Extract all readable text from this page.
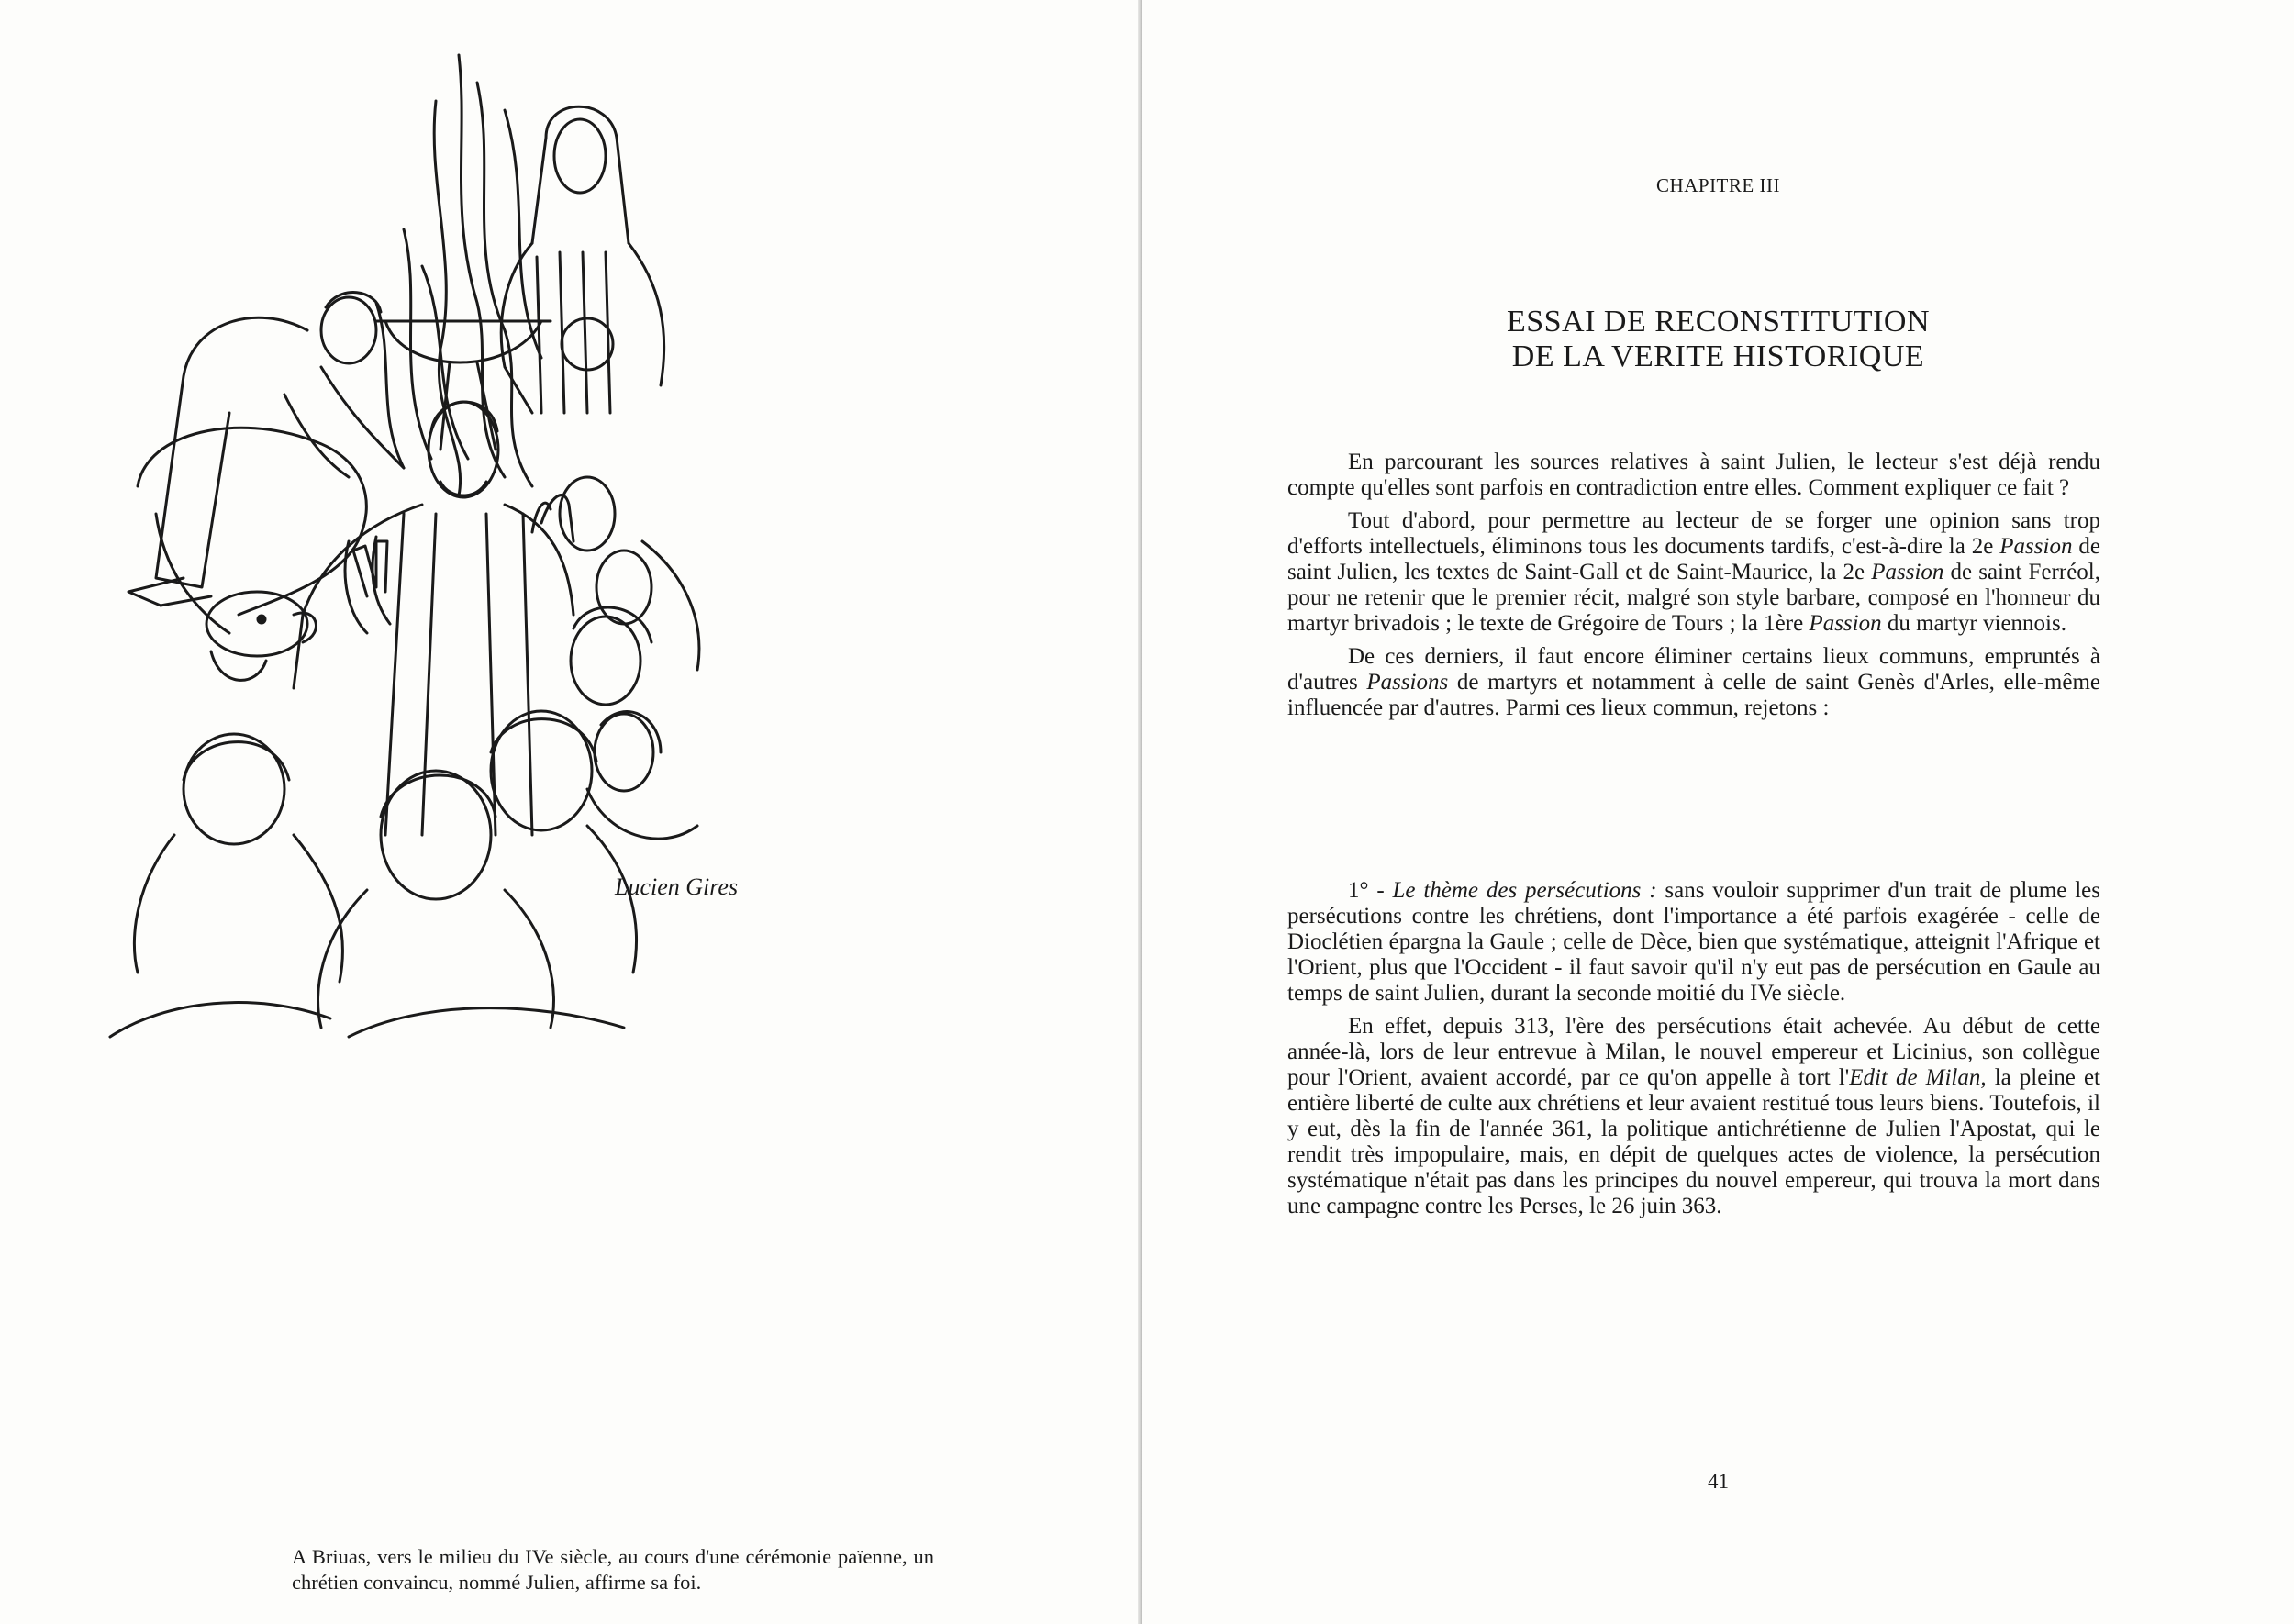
Lucien Gires
A Briuas, vers le milieu du IVe siècle, au cours d'une cérémonie païenne, un chrétien convaincu, nommé Julien, affirme sa foi.
CHAPITRE III
ESSAI DE RECONSTITUTION
DE LA VERITE HISTORIQUE

En parcourant les sources relatives à saint Julien, le lecteur s'est déjà rendu compte qu'elles sont parfois en contradiction entre elles. Comment expliquer ce fait ?

Tout d'abord, pour permettre au lecteur de se forger une opinion sans trop d'efforts intellectuels, éliminons tous les documents tardifs, c'est-à-dire la 2e Passion de saint Julien, les textes de Saint-Gall et de Saint-Maurice, la 2e Passion de saint Ferréol, pour ne retenir que le premier récit, malgré son style barbare, composé en l'honneur du martyr brivadois ; le texte de Grégoire de Tours ; la 1ère Passion du martyr viennois.

De ces derniers, il faut encore éliminer certains lieux communs, empruntés à d'autres Passions de martyrs et notamment à celle de saint Genès d'Arles, elle-même influencée par d'autres. Parmi ces lieux commun, rejetons :

1° - Le thème des persécutions : sans vouloir supprimer d'un trait de plume les persécutions contre les chrétiens, dont l'importance a été parfois exagérée - celle de Dioclétien épargna la Gaule ; celle de Dèce, bien que systématique, atteignit l'Afrique et l'Orient, plus que l'Occident - il faut savoir qu'il n'y eut pas de persécution en Gaule au temps de saint Julien, durant la seconde moitié du IVe siècle.

En effet, depuis 313, l'ère des persécutions était achevée. Au début de cette année-là, lors de leur entrevue à Milan, le nouvel empereur et Licinius, son collègue pour l'Orient, avaient accordé, par ce qu'on appelle à tort l'Edit de Milan, la pleine et entière liberté de culte aux chrétiens et leur avaient restitué tous leurs biens. Toutefois, il y eut, dès la fin de l'année 361, la politique antichrétienne de Julien l'Apostat, qui le rendit très impopulaire, mais, en dépit de quelques actes de violence, la persécution systématique n'était pas dans les principes du nouvel empereur, qui trouva la mort dans une campagne contre les Perses, le 26 juin 363.

41
